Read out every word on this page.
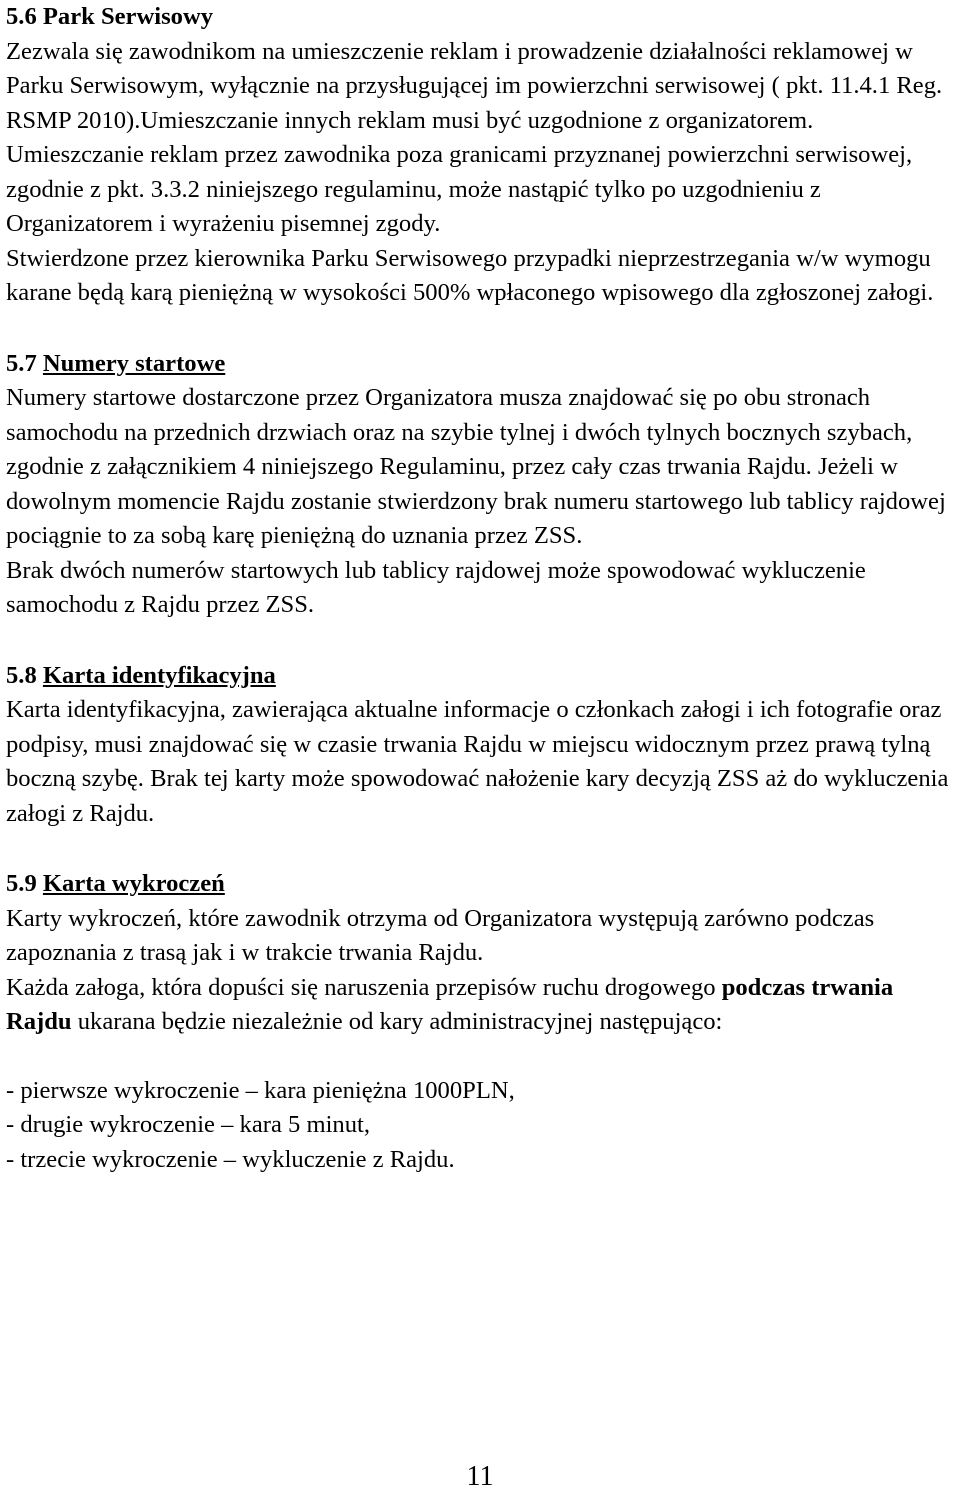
5.6 Park Serwisowy

Zezwala się zawodnikom na umieszczenie reklam i prowadzenie działalności reklamowej w Parku Serwisowym, wyłącznie na przysługującej im powierzchni serwisowej ( pkt. 11.4.1 Reg. RSMP 2010).Umieszczanie innych reklam musi być uzgodnione z organizatorem. Umieszczanie reklam przez zawodnika poza granicami przyznanej powierzchni serwisowej, zgodnie z pkt. 3.3.2 niniejszego regulaminu, może nastąpić tylko po uzgodnieniu z Organizatorem i wyrażeniu pisemnej zgody.

Stwierdzone przez kierownika Parku Serwisowego przypadki nieprzestrzegania w/w wymogu karane będą karą pieniężną w wysokości 500% wpłaconego wpisowego dla zgłoszonej załogi.

5.7 Numery startowe

Numery startowe dostarczone przez Organizatora musza znajdować się po obu stronach samochodu na przednich drzwiach oraz na szybie tylnej i dwóch tylnych bocznych szybach, zgodnie z załącznikiem 4 niniejszego Regulaminu, przez cały czas trwania Rajdu. Jeżeli w dowolnym momencie Rajdu zostanie stwierdzony brak numeru startowego lub tablicy rajdowej pociągnie to za sobą karę pieniężną do uznania przez ZSS.

Brak dwóch numerów startowych lub tablicy rajdowej może spowodować wykluczenie samochodu z Rajdu przez ZSS.

5.8 Karta identyfikacyjna

Karta identyfikacyjna, zawierająca aktualne informacje o członkach załogi i ich fotografie oraz podpisy, musi znajdować się w czasie trwania Rajdu w miejscu widocznym przez prawą tylną boczną szybę. Brak tej karty może spowodować nałożenie kary decyzją ZSS aż do wykluczenia załogi z Rajdu.

5.9 Karta wykroczeń

Karty wykroczeń, które zawodnik otrzyma od Organizatora występują zarówno podczas zapoznania z trasą jak i w trakcie trwania Rajdu.

Każda załoga, która dopuści się naruszenia przepisów ruchu drogowego podczas trwania Rajdu ukarana będzie niezależnie od kary administracyjnej następująco:

- pierwsze wykroczenie – kara pieniężna 1000PLN,
- drugie wykroczenie – kara 5 minut,
- trzecie wykroczenie – wykluczenie z Rajdu.
11
